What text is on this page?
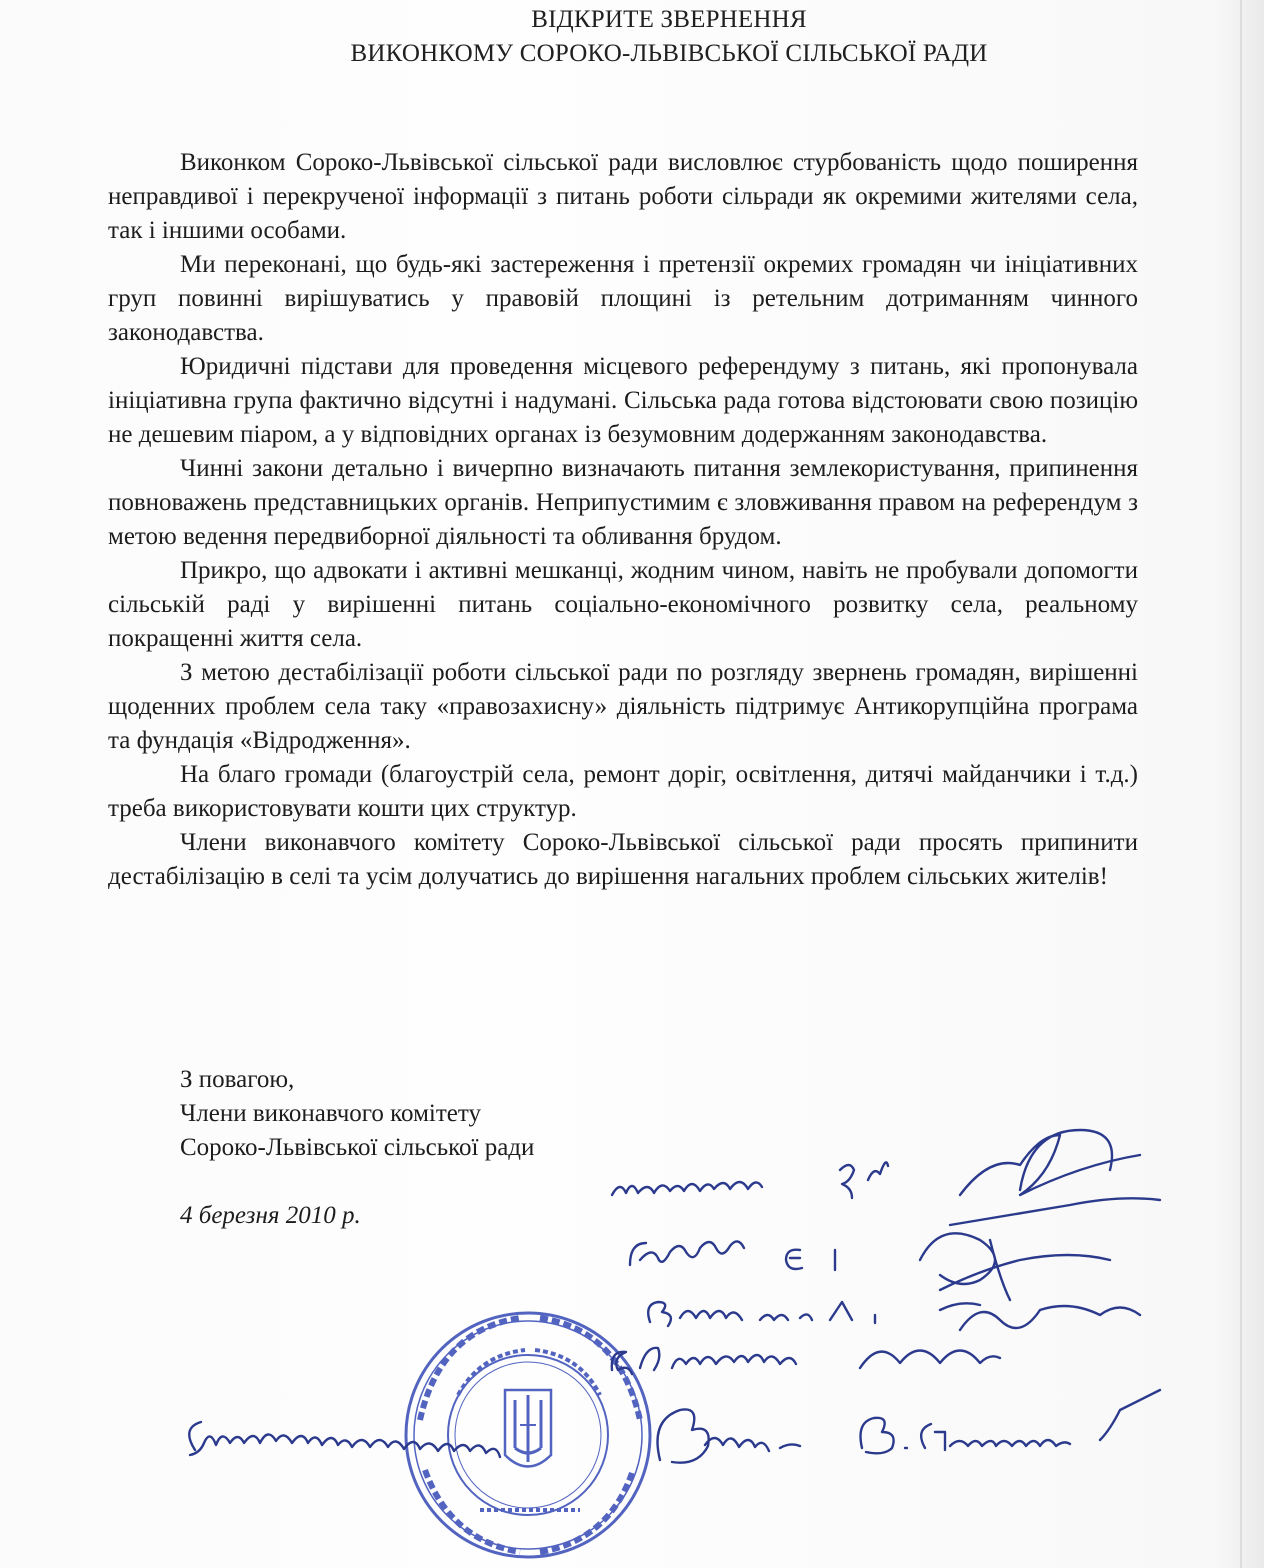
ВІДКРИТЕ ЗВЕРНЕННЯ
ВИКОНКОМУ СОРОКО-ЛЬВІВСЬКОЇ СІЛЬСЬКОЇ РАДИ

Виконком Сороко-Львівської сільської ради висловлює стурбованість щодо поширення неправдивої і перекрученої інформації з питань роботи сільради як окремими жителями села, так і іншими особами.

Ми переконані, що будь-які застереження і претензії окремих громадян чи ініціативних груп повинні вирішуватись у правовій площині із ретельним дотриманням чинного законодавства.

Юридичні підстави для проведення місцевого референдуму з питань, які пропонувала ініціативна група фактично відсутні і надумані. Сільська рада готова відстоювати свою позицію не дешевим піаром, а у відповідних органах із безумовним додержанням законодавства.

Чинні закони детально і вичерпно визначають питання землекористування, припинення повноважень представницьких органів. Неприпустимим є зловживання правом на референдум з метою ведення передвиборної діяльності та обливання брудом.

Прикро, що адвокати і активні мешканці, жодним чином, навіть не пробували допомогти сільській раді у вирішенні питань соціально-економічного розвитку села, реальному покращенні життя села.

З метою дестабілізації роботи сільської ради по розгляду звернень громадян, вирішенні щоденних проблем села таку «правозахисну» діяльність підтримує Антикорупційна програма та фундація «Відродження».

На благо громади (благоустрій села, ремонт доріг, освітлення, дитячі майданчики і т.д.) треба використовувати кошти цих структур.

Члени виконавчого комітету Сороко-Львівської сільської ради просять припинити дестабілізацію в селі та усім долучатись до вирішення нагальних проблем сільських жителів!

З повагою,
Члени виконавчого комітету
Сороко-Львівської сільської ради
4 березня 2010 р.
